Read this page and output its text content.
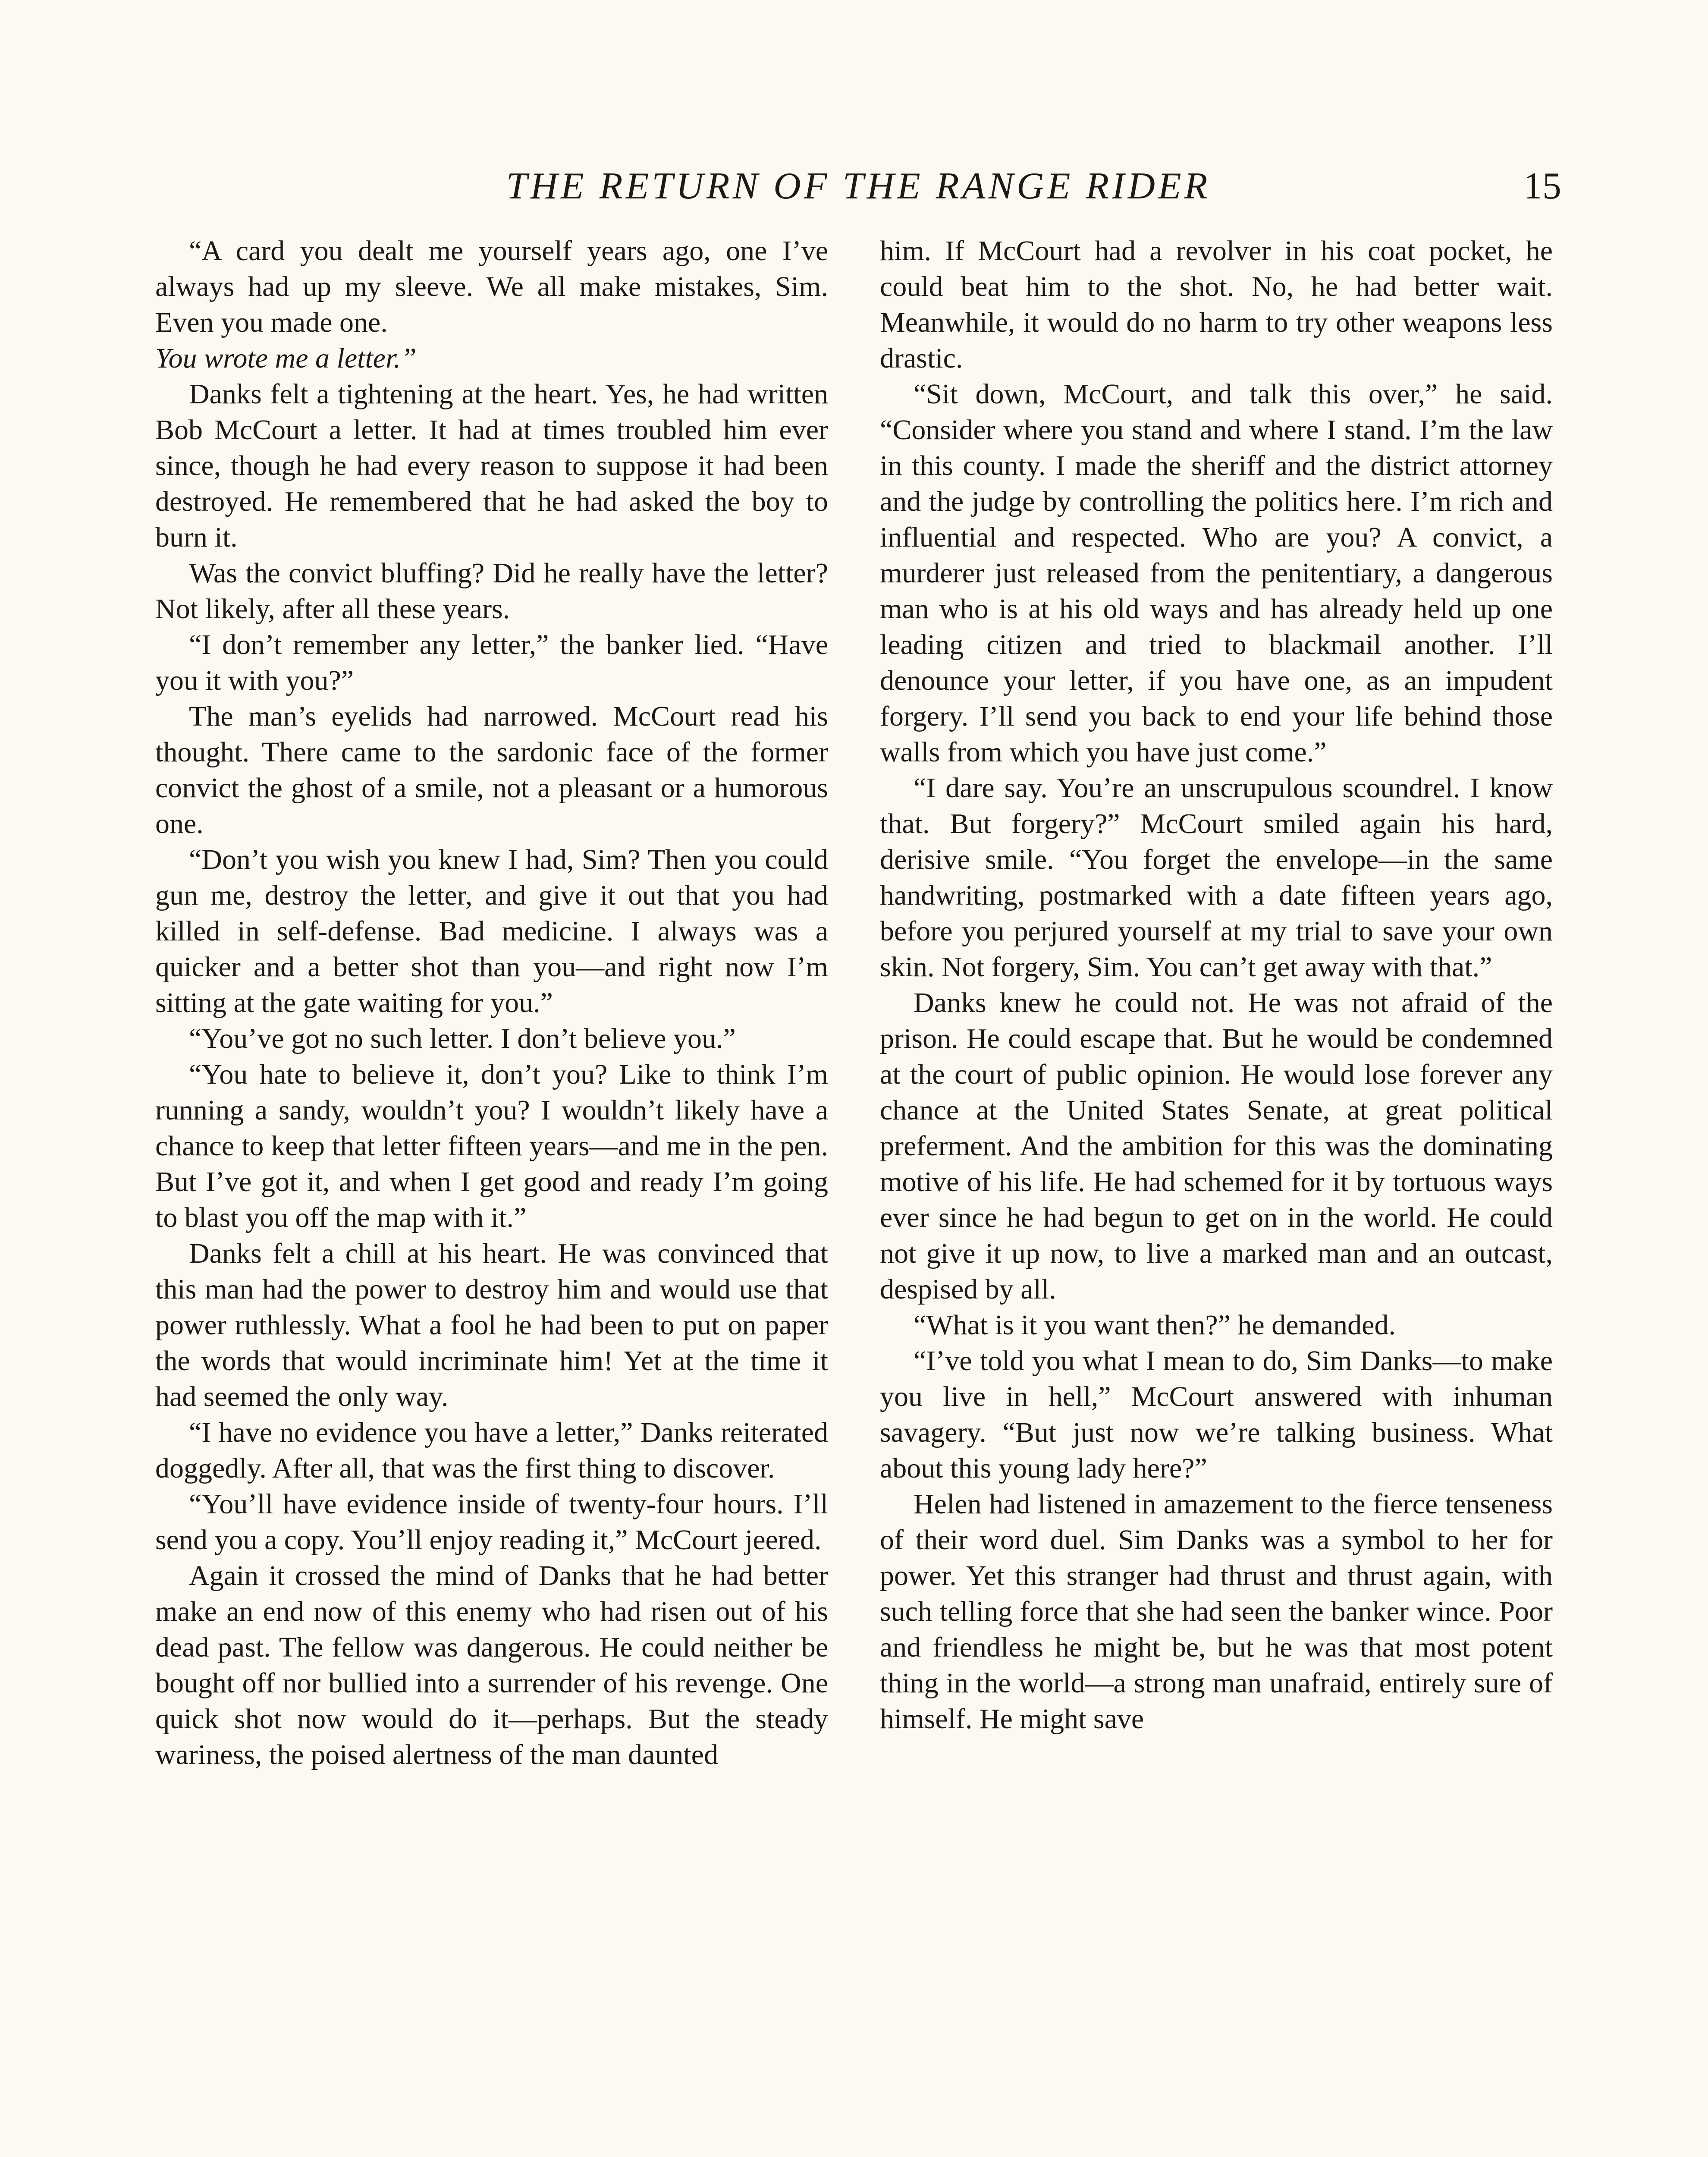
THE RETURN OF THE RANGE RIDER	15

“A card you dealt me yourself years ago, one I’ve always had up my sleeve. We all make mistakes, Sim. Even you made one.

You wrote me a letter.”

Danks felt a tightening at the heart. Yes, he had written Bob McCourt a letter. It had at times troubled him ever since, though he had every reason to suppose it had been destroyed. He remembered that he had asked the boy to burn it.

Was the convict bluffing? Did he really have the letter? Not likely, after all these years.

“I don’t remember any letter,” the banker lied. “Have you it with you?”

The man’s eyelids had narrowed. McCourt read his thought. There came to the sardonic face of the former convict the ghost of a smile, not a pleasant or a humorous one.

“Don’t you wish you knew I had, Sim? Then you could gun me, destroy the letter, and give it out that you had killed in self-defense. Bad medicine. I always was a quicker and a better shot than you—and right now I’m sitting at the gate waiting for you.”

“You’ve got no such letter. I don’t believe you.”

“You hate to believe it, don’t you? Like to think I’m running a sandy, wouldn’t you? I wouldn’t likely have a chance to keep that letter fifteen years—and me in the pen. But I’ve got it, and when I get good and ready I’m going to blast you off the map with it.”

Danks felt a chill at his heart. He was convinced that this man had the power to destroy him and would use that power ruthlessly. What a fool he had been to put on paper the words that would incriminate him! Yet at the time it had seemed the only way.

“I have no evidence you have a letter,” Danks reiterated doggedly. After all, that was the first thing to discover.

“You’ll have evidence inside of twenty-four hours. I’ll send you a copy. You’ll enjoy reading it,” McCourt jeered.

Again it crossed the mind of Danks that he had better make an end now of this enemy who had risen out of his dead past. The fellow was dangerous. He could neither be bought off nor bullied into a surrender of his revenge. One quick shot now would do it—perhaps. But the steady wariness, the poised alertness of the man daunted

him. If McCourt had a revolver in his coat pocket, he could beat him to the shot. No, he had better wait. Meanwhile, it would do no harm to try other weapons less drastic.

“Sit down, McCourt, and talk this over,” he said. “Consider where you stand and where I stand. I’m the law in this county. I made the sheriff and the district attorney and the judge by controlling the politics here. I’m rich and influential and respected. Who are you? A convict, a murderer just released from the penitentiary, a dangerous man who is at his old ways and has already held up one leading citizen and tried to blackmail another. I’ll denounce your letter, if you have one, as an impudent forgery. I’ll send you back to end your life behind those walls from which you have just come.”

“I dare say. You’re an unscrupulous scoundrel. I know that. But forgery?” McCourt smiled again his hard, derisive smile. “You forget the envelope—in the same handwriting, postmarked with a date fifteen years ago, before you perjured yourself at my trial to save your own skin. Not forgery, Sim. You can’t get away with that.”

Danks knew he could not. He was not afraid of the prison. He could escape that. But he would be condemned at the court of public opinion. He would lose forever any chance at the United States Senate, at great political preferment. And the ambition for this was the dominating motive of his life. He had schemed for it by tortuous ways ever since he had begun to get on in the world. He could not give it up now, to live a marked man and an outcast, despised by all.

“What is it you want then?” he demanded.

“I’ve told you what I mean to do, Sim Danks—to make you live in hell,” McCourt answered with inhuman savagery. “But just now we’re talking business. What about this young lady here?”

Helen had listened in amazement to the fierce tenseness of their word duel. Sim Danks was a symbol to her for power. Yet this stranger had thrust and thrust again, with such telling force that she had seen the banker wince. Poor and friendless he might be, but he was that most potent thing in the world—a strong man unafraid, entirely sure of himself. He might save
